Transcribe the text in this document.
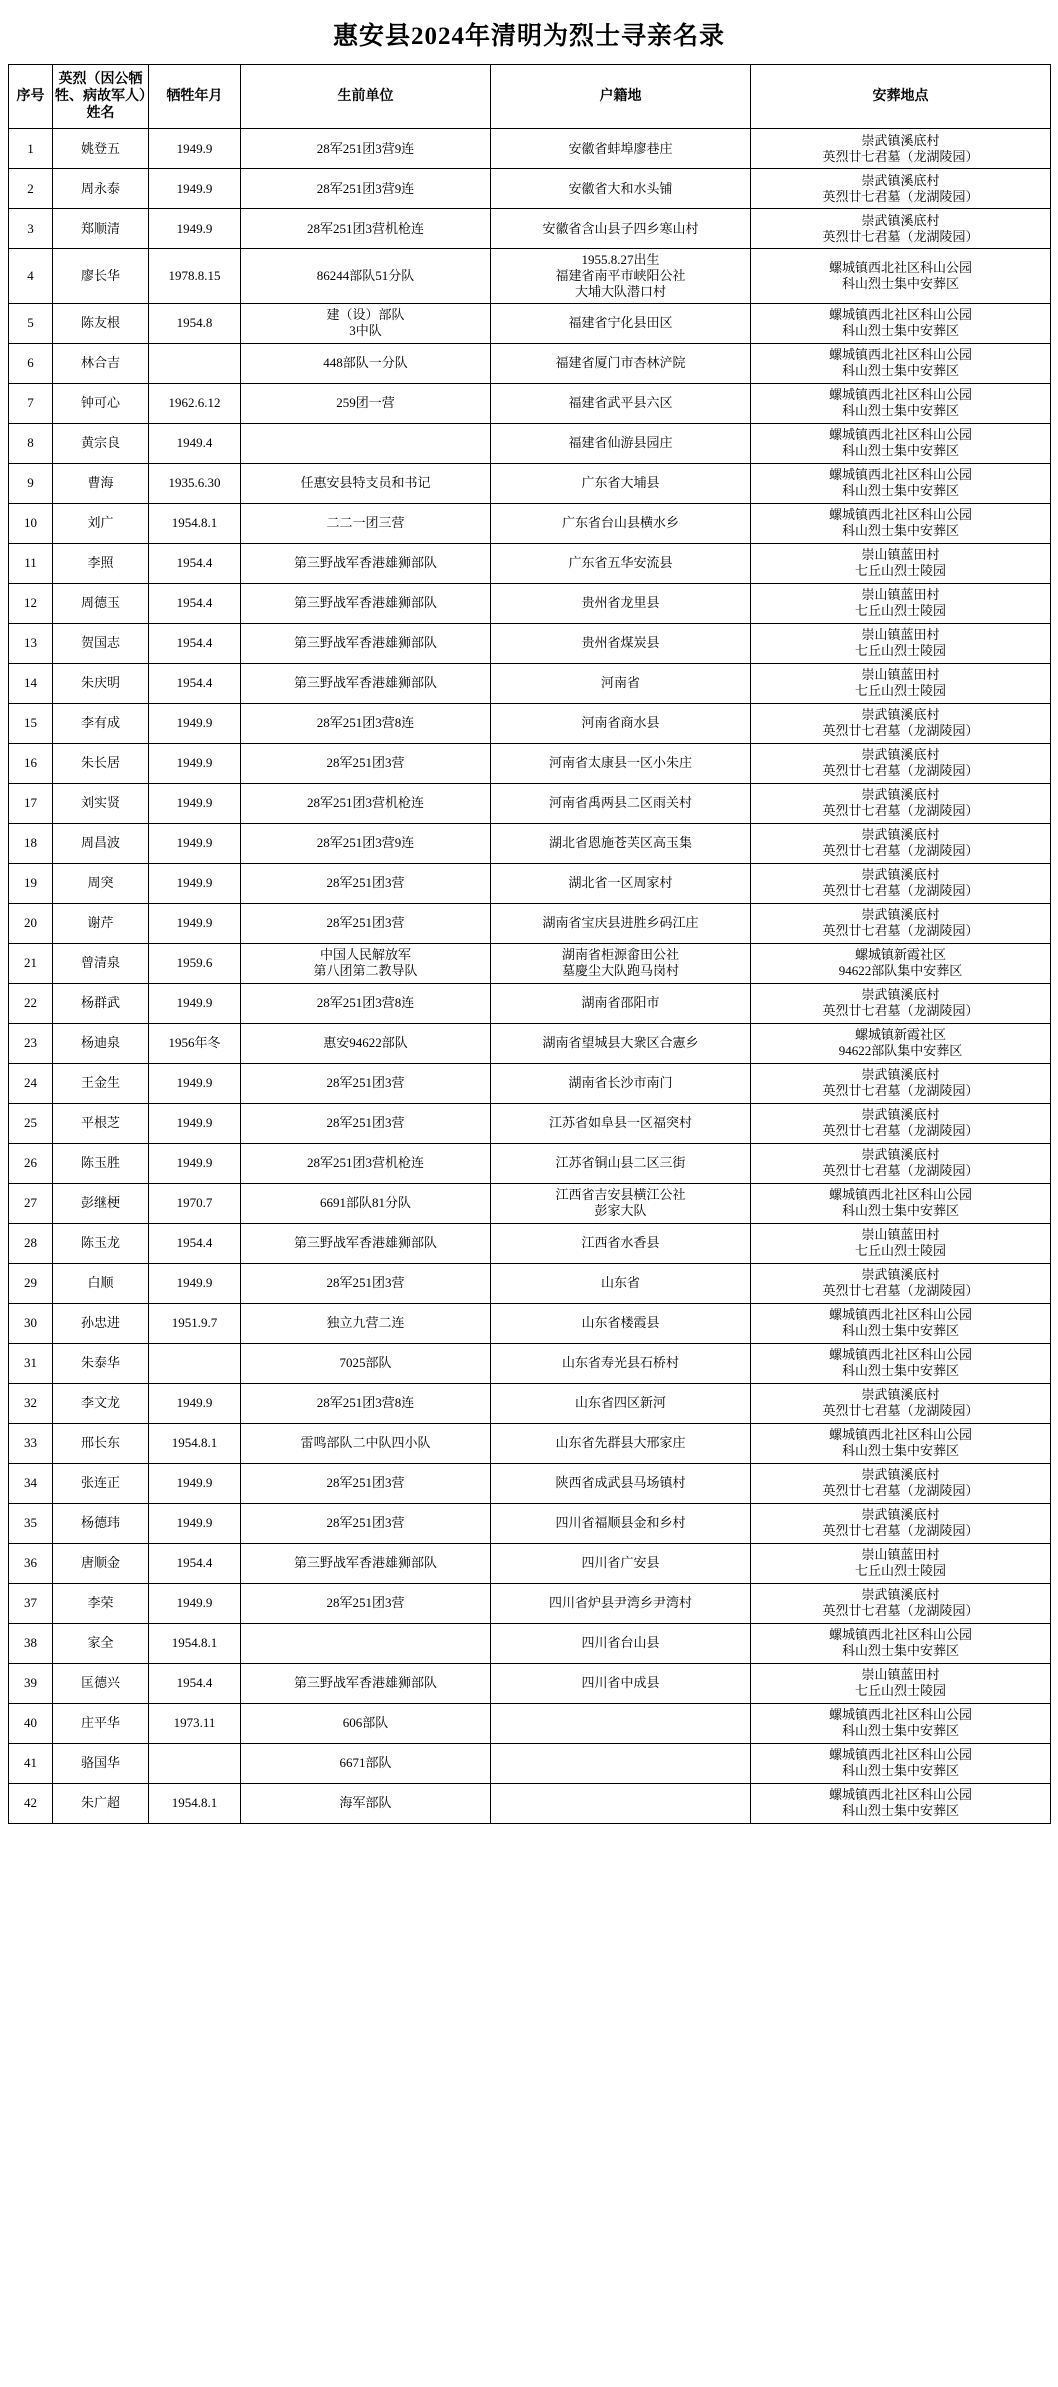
惠安县2024年清明为烈士寻亲名录
序号	英烈（因公牺牲、病故军人）姓名	牺牲年月	生前单位	户籍地	安葬地点
1	姚登五	1949.9	28军251团3营9连	安徽省蚌埠廖巷庄	崇武镇溪底村
英烈廿七君墓（龙湖陵园）

2	周永泰	1949.9	28军251团3营9连	安徽省大和水头铺	崇武镇溪底村
英烈廿七君墓（龙湖陵园）

3	郑顺清	1949.9	28军251团3营机枪连	安徽省含山县子四乡寒山村	崇武镇溪底村
英烈廿七君墓（龙湖陵园）

4	廖长华	1978.8.15	86244部队51分队	1955.8.27出生
福建省南平市峡阳公社
大埔大队潜口村	螺城镇西北社区科山公园
科山烈士集中安葬区

5	陈友根	1954.8	建（设）部队
3中队	福建省宁化县田区	螺城镇西北社区科山公园
科山烈士集中安葬区

6	林合吉		448部队一分队	福建省厦门市杏林浐院	螺城镇西北社区科山公园
科山烈士集中安葬区

7	钟可心	1962.6.12	259团一营	福建省武平县六区	螺城镇西北社区科山公园
科山烈士集中安葬区

8	黄宗良	1949.4		福建省仙游县园庄	螺城镇西北社区科山公园
科山烈士集中安葬区

9	曹海	1935.6.30	任惠安县特支员和书记	广东省大埔县	螺城镇西北社区科山公园
科山烈士集中安葬区

10	刘广	1954.8.1	二二一团三营	广东省台山县横水乡	螺城镇西北社区科山公园
科山烈士集中安葬区

11	李照	1954.4	第三野战军香港雄狮部队	广东省五华安流县	崇山镇蓝田村
七丘山烈士陵园

12	周德玉	1954.4	第三野战军香港雄狮部队	贵州省龙里县	崇山镇蓝田村
七丘山烈士陵园

13	贺国志	1954.4	第三野战军香港雄狮部队	贵州省煤炭县	崇山镇蓝田村
七丘山烈士陵园

14	朱庆明	1954.4	第三野战军香港雄狮部队	河南省	崇山镇蓝田村
七丘山烈士陵园

15	李有成	1949.9	28军251团3营8连	河南省商水县	崇武镇溪底村
英烈廿七君墓（龙湖陵园）

16	朱长居	1949.9	28军251团3营	河南省太康县一区小朱庄	崇武镇溪底村
英烈廿七君墓（龙湖陵园）

17	刘实贤	1949.9	28军251团3营机枪连	河南省禹两县二区雨关村	崇武镇溪底村
英烈廿七君墓（龙湖陵园）

18	周昌波	1949.9	28军251团3营9连	湖北省恩施苍芙区高玉集	崇武镇溪底村
英烈廿七君墓（龙湖陵园）

19	周突	1949.9	28军251团3营	湖北省一区周家村	崇武镇溪底村
英烈廿七君墓（龙湖陵园）

20	谢芹	1949.9	28军251团3营	湖南省宝庆县进胜乡码江庄	崇武镇溪底村
英烈廿七君墓（龙湖陵园）

21	曾清泉	1959.6	中国人民解放军
第八团第二教导队	湖南省柜源畲田公社
墓慶尘大队跑马岗村	螺城镇新霞社区
94622部队集中安葬区

22	杨群武	1949.9	28军251团3营8连	湖南省邵阳市	崇武镇溪底村
英烈廿七君墓（龙湖陵园）

23	杨迪泉	1956年冬	惠安94622部队	湖南省望城县大衆区合憲乡	螺城镇新霞社区
94622部队集中安葬区

24	王金生	1949.9	28军251团3营	湖南省长沙市南门	崇武镇溪底村
英烈廿七君墓（龙湖陵园）

25	平根芝	1949.9	28军251团3营	江苏省如阜县一区福突村	崇武镇溪底村
英烈廿七君墓（龙湖陵园）

26	陈玉胜	1949.9	28军251团3营机枪连	江苏省铜山县二区三街	崇武镇溪底村
英烈廿七君墓（龙湖陵园）

27	彭继梗	1970.7	6691部队81分队	江西省吉安县横江公社
彭家大队	螺城镇西北社区科山公园
科山烈士集中安葬区

28	陈玉龙	1954.4	第三野战军香港雄狮部队	江西省水香县	崇山镇蓝田村
七丘山烈士陵园

29	白顺	1949.9	28军251团3营	山东省	崇武镇溪底村
英烈廿七君墓（龙湖陵园）

30	孙忠进	1951.9.7	独立九营二连	山东省楼霞县	螺城镇西北社区科山公园
科山烈士集中安葬区

31	朱泰华		7025部队	山东省寿光县石桥村	螺城镇西北社区科山公园
科山烈士集中安葬区

32	李文龙	1949.9	28军251团3营8连	山东省四区新河	崇武镇溪底村
英烈廿七君墓（龙湖陵园）

33	邢长东	1954.8.1	雷鸣部队二中队四小队	山东省先群县大邢家庄	螺城镇西北社区科山公园
科山烈士集中安葬区

34	张连正	1949.9	28军251团3营	陕西省成武县马场镇村	崇武镇溪底村
英烈廿七君墓（龙湖陵园）

35	杨德玮	1949.9	28军251团3营	四川省福顺县金和乡村	崇武镇溪底村
英烈廿七君墓（龙湖陵园）

36	唐顺金	1954.4	第三野战军香港雄狮部队	四川省广安县	崇山镇蓝田村
七丘山烈士陵园

37	李荣	1949.9	28军251团3营	四川省炉县尹湾乡尹湾村	崇武镇溪底村
英烈廿七君墓（龙湖陵园）

38	家全	1954.8.1		四川省台山县	螺城镇西北社区科山公园
科山烈士集中安葬区

39	匡德兴	1954.4	第三野战军香港雄狮部队	四川省中成县	崇山镇蓝田村
七丘山烈士陵园

40	庄平华	1973.11	606部队		螺城镇西北社区科山公园
科山烈士集中安葬区

41	骆国华		6671部队		螺城镇西北社区科山公园
科山烈士集中安葬区

42	朱广超	1954.8.1	海军部队		螺城镇西北社区科山公园
科山烈士集中安葬区
